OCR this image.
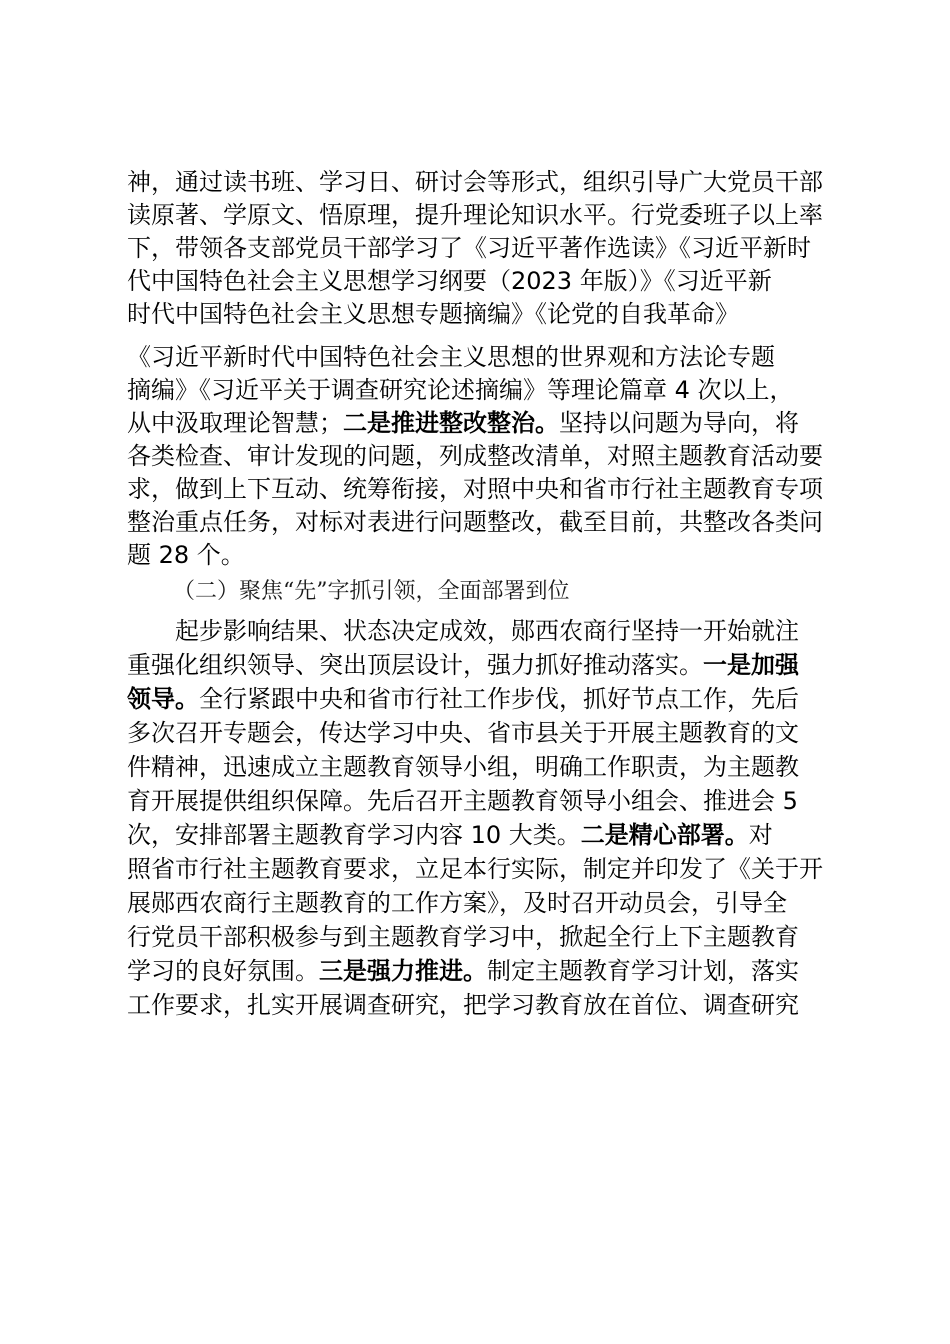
神，通过读书班、学习日、研讨会等形式，组织引导广大党员干部
读原著、学原文、悟原理，提升理论知识水平。行党委班子以上率
下，带领各支部党员干部学习了《习近平著作选读》《习近平新时
代中国特色社会主义思想学习纲要（2023 年版）》《习近平新
时代中国特色社会主义思想专题摘编》《论党的自我革命》
《习近平新时代中国特色社会主义思想的世界观和方法论专题
摘编》《习近平关于调查研究论述摘编》等理论篇章 4 次以上，
从中汲取理论智慧；二是推进整改整治。坚持以问题为导向，将
各类检查、审计发现的问题，列成整改清单，对照主题教育活动要
求，做到上下互动、统筹衔接，对照中央和省市行社主题教育专项
整治重点任务，对标对表进行问题整改，截至目前，共整改各类问
题 28 个。
（二）聚焦“先”字抓引领，全面部署到位
起步影响结果、状态决定成效，郧西农商行坚持一开始就注
重强化组织领导、突出顶层设计，强力抓好推动落实。一是加强
领导。全行紧跟中央和省市行社工作步伐，抓好节点工作，先后
多次召开专题会，传达学习中央、省市县关于开展主题教育的文
件精神，迅速成立主题教育领导小组，明确工作职责，为主题教
育开展提供组织保障。先后召开主题教育领导小组会、推进会 5
次，安排部署主题教育学习内容 10 大类。二是精心部署。对
照省市行社主题教育要求，立足本行实际，制定并印发了《关于开
展郧西农商行主题教育的工作方案》，及时召开动员会，引导全
行党员干部积极参与到主题教育学习中，掀起全行上下主题教育
学习的良好氛围。三是强力推进。制定主题教育学习计划，落实
工作要求，扎实开展调查研究，把学习教育放在首位、调查研究
